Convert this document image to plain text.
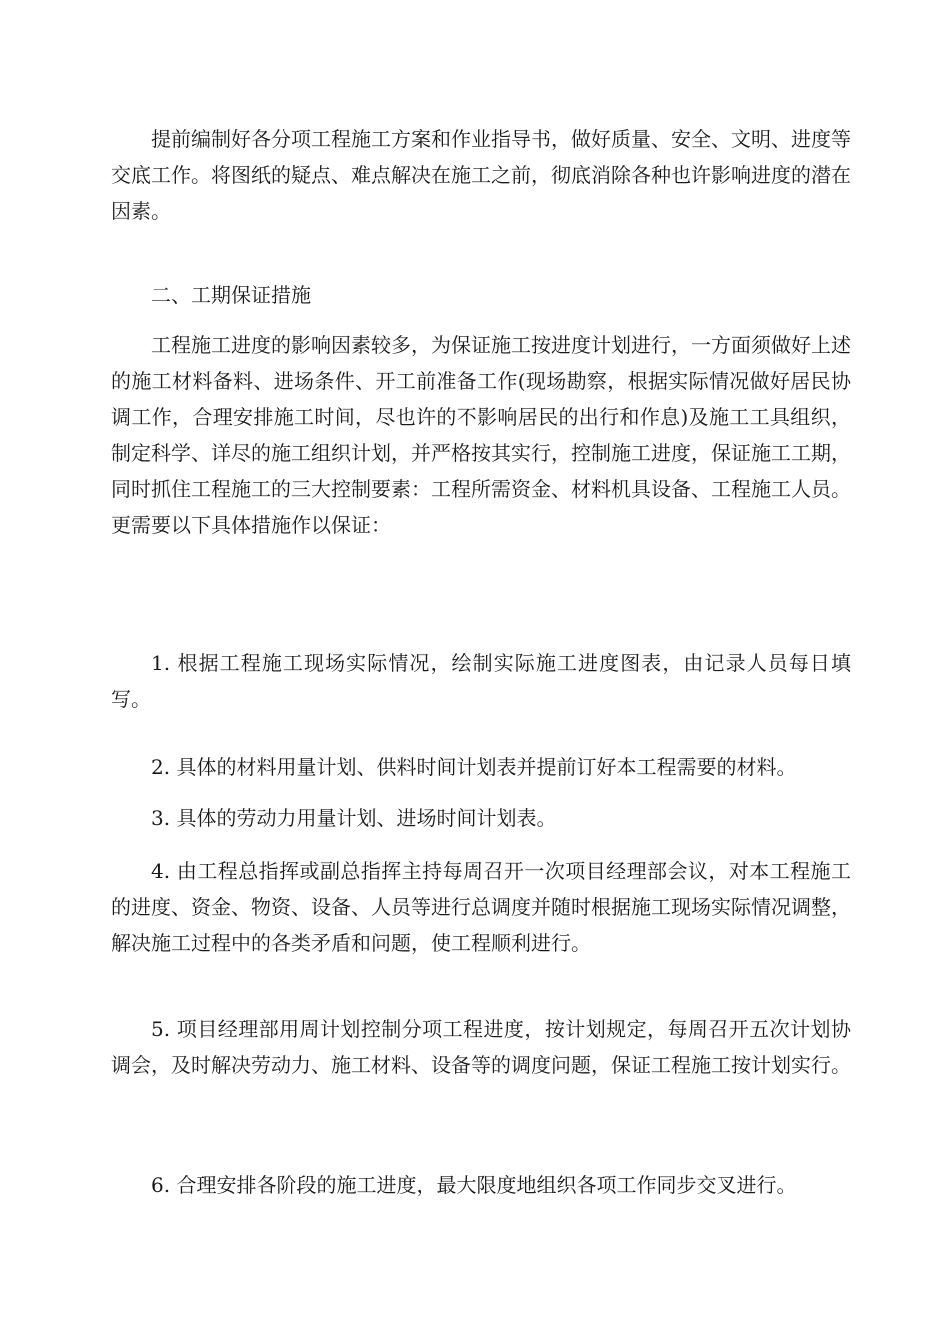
提前编制好各分项工程施工方案和作业指导书，做好质量、安全、文明、进度等交底工作。将图纸的疑点、难点解决在施工之前，彻底消除各种也许影响进度的潜在因素。

二、工期保证措施

工程施工进度的影响因素较多，为保证施工按进度计划进行，一方面须做好上述的施工材料备料、进场条件、开工前准备工作(现场勘察，根据实际情况做好居民协调工作，合理安排施工时间，尽也许的不影响居民的出行和作息)及施工工具组织，制定科学、详尽的施工组织计划，并严格按其实行，控制施工进度，保证施工工期，同时抓住工程施工的三大控制要素：工程所需资金、材料机具设备、工程施工人员。更需要以下具体措施作以保证：

1. 根据工程施工现场实际情况，绘制实际施工进度图表，由记录人员每日填写。

2. 具体的材料用量计划、供料时间计划表并提前订好本工程需要的材料。

3. 具体的劳动力用量计划、进场时间计划表。

4. 由工程总指挥或副总指挥主持每周召开一次项目经理部会议，对本工程施工的进度、资金、物资、设备、人员等进行总调度并随时根据施工现场实际情况调整，解决施工过程中的各类矛盾和问题，使工程顺利进行。

5. 项目经理部用周计划控制分项工程进度，按计划规定，每周召开五次计划协调会，及时解决劳动力、施工材料、设备等的调度问题，保证工程施工按计划实行。

6. 合理安排各阶段的施工进度，最大限度地组织各项工作同步交叉进行。
